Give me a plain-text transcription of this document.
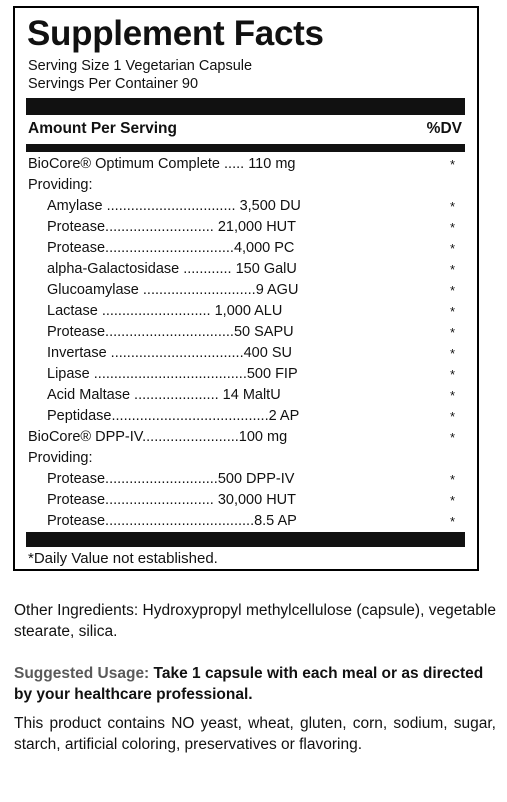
Supplement Facts
Serving Size 1 Vegetarian Capsule
Servings Per Container 90
Amount Per Serving	%DV
BioCore® Optimum Complete ..... 110 mg	*
Providing:
Amylase ................................ 3,500 DU	*
Protease........................... 21,000 HUT	*
Protease................................4,000 PC	*
alpha-Galactosidase ............ 150 GalU	*
Glucoamylase ............................9 AGU	*
Lactase ........................... 1,000 ALU	*
Protease................................50 SAPU	*
Invertase .................................400 SU	*
Lipase ......................................500 FIP	*
Acid Maltase ..................... 14 MaltU	*
Peptidase.......................................2 AP	*
BioCore® DPP-IV........................100 mg	*
Providing:
Protease............................500 DPP-IV	*
Protease........................... 30,000 HUT	*
Protease.....................................8.5 AP	*
*Daily Value not established.
Other Ingredients: Hydroxypropyl methylcellulose (capsule), vegetable stearate, silica.
Suggested Usage: Take 1 capsule with each meal or as directed by your healthcare professional.
This product contains NO yeast, wheat, gluten, corn, sodium, sugar, starch, artificial coloring, preservatives or flavoring.
